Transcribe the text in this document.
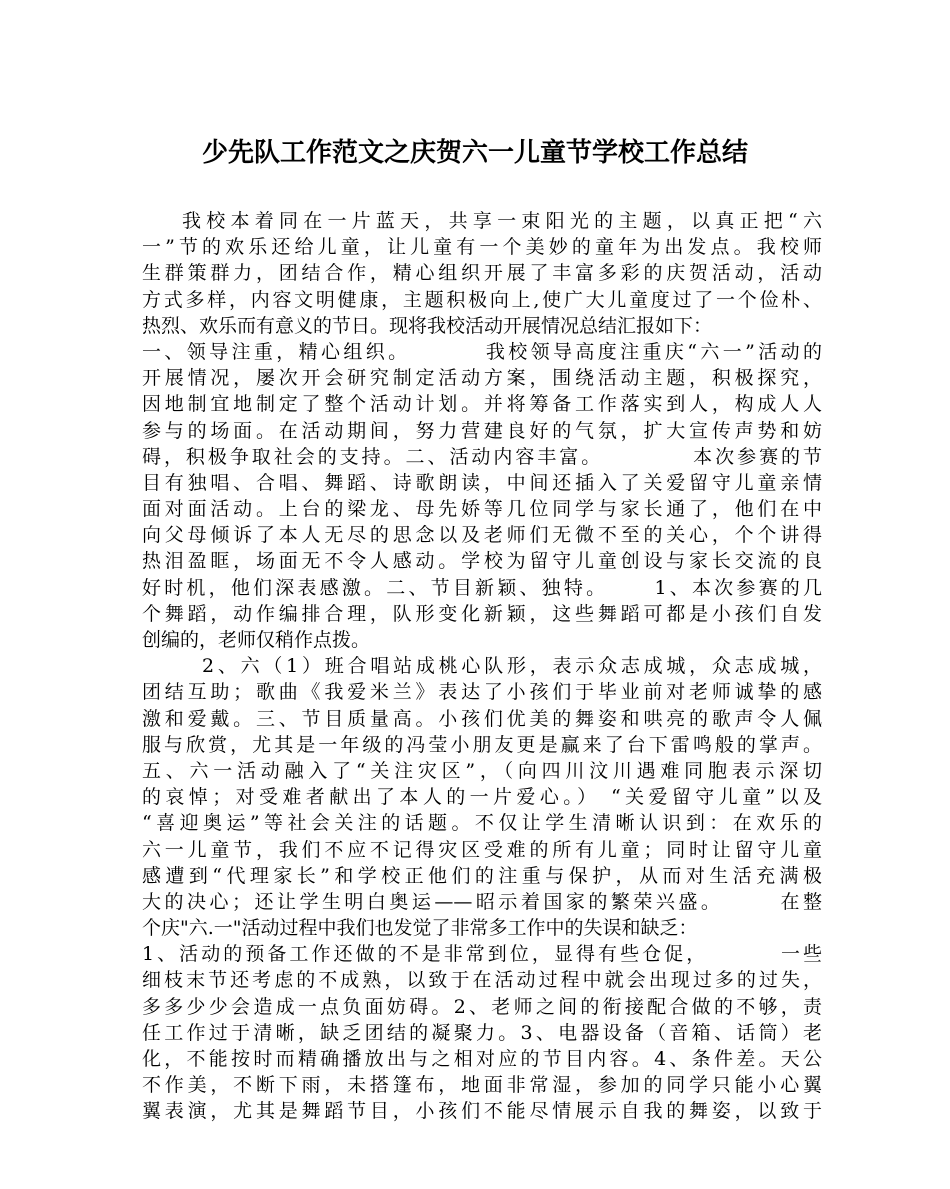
少先队工作范文之庆贺六一儿童节学校工作总结
我校本着同在一片蓝天，共享一束阳光的主题，以真正把“六
一”节的欢乐还给儿童，让儿童有一个美妙的童年为出发点。我校师
生群策群力，团结合作，精心组织开展了丰富多彩的庆贺活动，活动
方式多样，内容文明健康，主题积极向上,使广大儿童度过了一个俭朴、
热烈、欢乐而有意义的节日。现将我校活动开展情况总结汇报如下：
一、领导注重，精心组织。        我校领导高度注重庆“六一”活动的
开展情况，屡次开会研究制定活动方案，围绕活动主题，积极探究，
因地制宜地制定了整个活动计划。并将筹备工作落实到人，构成人人
参与的场面。在活动期间，努力营建良好的气氛，扩大宣传声势和妨
碍，积极争取社会的支持。二、活动内容丰富。          本次参赛的节
目有独唱、合唱、舞蹈、诗歌朗读，中间还插入了关爱留守儿童亲情
面对面活动。上台的梁龙、母先娇等几位同学与家长通了，他们在中
向父母倾诉了本人无尽的思念以及老师们无微不至的关心，个个讲得
热泪盈眶，场面无不令人感动。学校为留守儿童创设与家长交流的良
好时机，他们深表感激。二、节目新颖、独特。     1、本次参赛的几
个舞蹈，动作编排合理，队形变化新颖，这些舞蹈可都是小孩们自发
创编的，老师仅稍作点拨。
2、六（1）班合唱站成桃心队形，表示众志成城，众志成城，
团结互助；歌曲《我爱米兰》表达了小孩们于毕业前对老师诚挚的感
激和爱戴。三、节目质量高。小孩们优美的舞姿和哄亮的歌声令人佩
服与欣赏，尤其是一年级的冯莹小朋友更是赢来了台下雷鸣般的掌声。
五、六一活动融入了“关注灾区”，（向四川汶川遇难同胞表示深切
的哀悼；对受难者献出了本人的一片爱心。） “关爱留守儿童”以及
“喜迎奥运”等社会关注的话题。不仅让学生清晰认识到：在欢乐的
六一儿童节，我们不应不记得灾区受难的所有儿童；同时让留守儿童
感遭到“代理家长”和学校正他们的注重与保护，从而对生活充满极
大的决心；还让学生明白奥运——昭示着国家的繁荣兴盛。      在整
个庆"六.一"活动过程中我们也发觉了非常多工作中的失误和缺乏：
1、活动的预备工作还做的不是非常到位，显得有些仓促，        一些
细枝末节还考虑的不成熟，以致于在活动过程中就会出现过多的过失，
多多少少会造成一点负面妨碍。2、老师之间的衔接配合做的不够，责
任工作过于清晰，缺乏团结的凝聚力。3、电器设备（音箱、话筒）老
化，不能按时而精确播放出与之相对应的节目内容。4、条件差。天公
不作美，不断下雨，未搭篷布，地面非常湿，参加的同学只能小心翼
翼表演，尤其是舞蹈节目，小孩们不能尽情展示自我的舞姿，以致于
